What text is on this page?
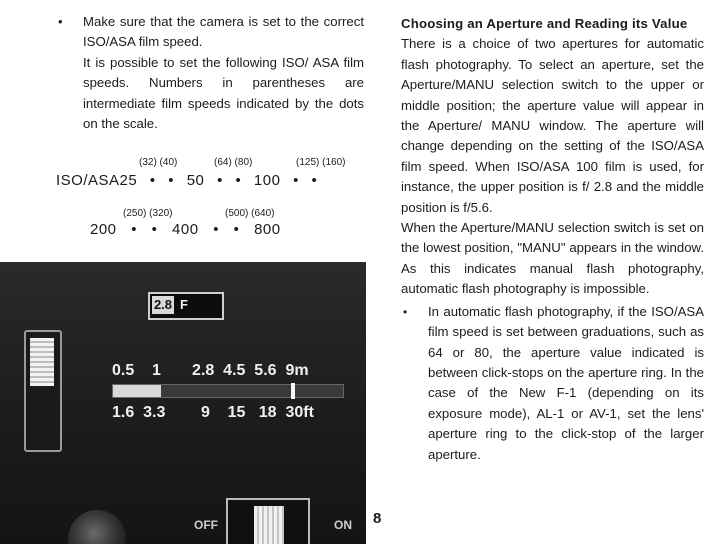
• Make sure that the camera is set to the correct ISO/ASA film speed.
It is possible to set the following ISO/ ASA film speeds. Numbers in parentheses are intermediate film speeds indicated by the dots on the scale.
(32) (40)	(64) (80)	(125) (160)
ISO/ASA25 • • 50 • • 100 • •
(250) (320)	(500) (640)
200 • • 400 • • 800
2.8 F
0.5    1       2.8  4.5  5.6  9m
1.6  3.3        9    15   18  30ft
OFF	ON
Choosing an Aperture and Reading its Value

There is a choice of two apertures for automatic flash photography. To select an aperture, set the Aperture/MANU selection switch to the upper or middle position; the aperture value will appear in the Aperture/ MANU window. The aperture will change depending on the setting of the ISO/ASA film speed. When ISO/ASA 100 film is used, for instance, the upper position is f/ 2.8 and the middle position is f/5.6.

When the Aperture/MANU selection switch is set on the lowest position, "MANU" appears in the window. As this indicates manual flash photography, automatic flash photography is impossible.

• In automatic flash photography, if the ISO/ASA film speed is set between graduations, such as 64 or 80, the aperture value indicated is between click-stops on the aperture ring. In the case of the New F-1 (depending on its exposure mode), AL-1 or AV-1, set the lens' aperture ring to the click-stop of the larger aperture.
8
